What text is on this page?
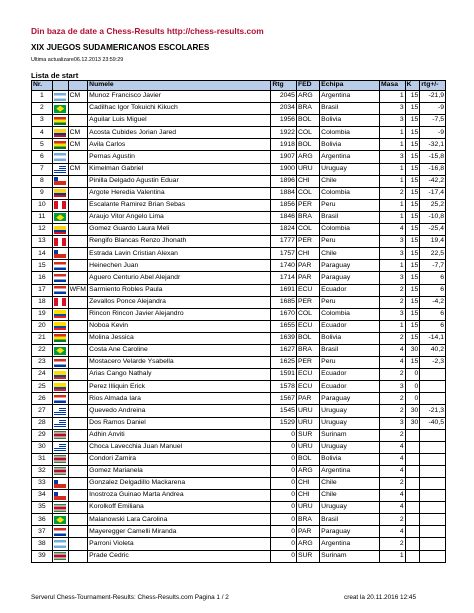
Din baza de date a Chess-Results http://chess-results.com
XIX JUEGOS SUDAMERICANOS ESCOLARES
Ultima actualizare06.12.2013 23:59:29
Lista de start
Nr.			Numele	Rtg	FED	Echipa	Masa	K	rtg+/-
1		CM	Munoz Francisco Javier	2045	ARG	Argentina	1	15	-21,9
2			Cadilhac Igor Tokuichi Kikuch	2034	BRA	Brasil	3	15	-9
3			Aguilar Luis Miguel	1956	BOL	Bolivia	3	15	-7,5
4		CM	Acosta Cubides Jorian Jared	1922	COL	Colombia	1	15	-9
5		CM	Avila Carlos	1918	BOL	Bolivia	1	15	-32,1
6			Pernas Agustin	1907	ARG	Argentina	3	15	-15,8
7		CM	Kimelman Gabriel	1900	URU	Uruguay	1	15	-16,8
8			Pinilla Delgado Agustin Eduar	1896	CHI	Chile	1	15	-42,2
9			Argote Heredia Valentina	1884	COL	Colombia	2	15	-17,4
10			Escalante Ramirez Brian Sebas	1856	PER	Peru	1	15	25,2
11			Araujo Vitor Angelo Lima	1846	BRA	Brasil	1	15	-10,8
12			Gomez Guardo Laura Meli	1824	COL	Colombia	4	15	-25,4
13			Rengifo Blancas Renzo Jhonath	1777	PER	Peru	3	15	19,4
14			Estrada Lavin Cristian Alexan	1757	CHI	Chile	3	15	22,5
15			Heinechen Juan	1740	PAR	Paraguay	1	15	-7,7
16			Aguero Centurio Abel Alejandr	1714	PAR	Paraguay	3	15	6
17		WFM	Sarmiento Robles Paula	1691	ECU	Ecuador	2	15	6
18			Zevallos Ponce Alejandra	1685	PER	Peru	2	15	-4,2
19			Rincon Rincon Javier Alejandro	1670	COL	Colombia	3	15	6
20			Noboa Kevin	1655	ECU	Ecuador	1	15	6
21			Molina Jessica	1639	BOL	Bolivia	2	15	-14,1
22			Costa Ane Caroline	1627	BRA	Brasil	4	30	40,2
23			Mostacero Velarde Ysabella	1625	PER	Peru	4	15	-2,3
24			Arias Cango Nathaly	1591	ECU	Ecuador	2	0	
25			Perez Illiquin Erick	1578	ECU	Ecuador	3	0	
26			Rios Almada Iara	1567	PAR	Paraguay	2	0	
27			Quevedo Andreina	1545	URU	Uruguay	2	30	-21,3
28			Dos Ramos Daniel	1529	URU	Uruguay	3	30	-40,5
29			Adhin Anviti	0	SUR	Surinam	2		
30			Choca Lavecchia Juan Manuel	0	URU	Uruguay	4		
31			Condori Zamira	0	BOL	Bolivia	4		
32			Gomez Marianela	0	ARG	Argentina	4		
33			Gonzalez Delgadillo Mackarena	0	CHI	Chile	2		
34			Inostroza Guinao Marta Andrea	0	CHI	Chile	4		
35			Korolkoff Emiliana	0	URU	Uruguay	4		
36			Malanowski Lara Carolina	0	BRA	Brasil	2		
37			Mayeregger Camelli Miranda	0	PAR	Paraguay	4		
38			Parroni Violeta	0	ARG	Argentina	2		
39			Prade Cedric	0	SUR	Surinam	1		
Serverul Chess-Tournament-Results: Chess-Results.com Pagina 1 / 2	creat la 20.11.2016 12:45
